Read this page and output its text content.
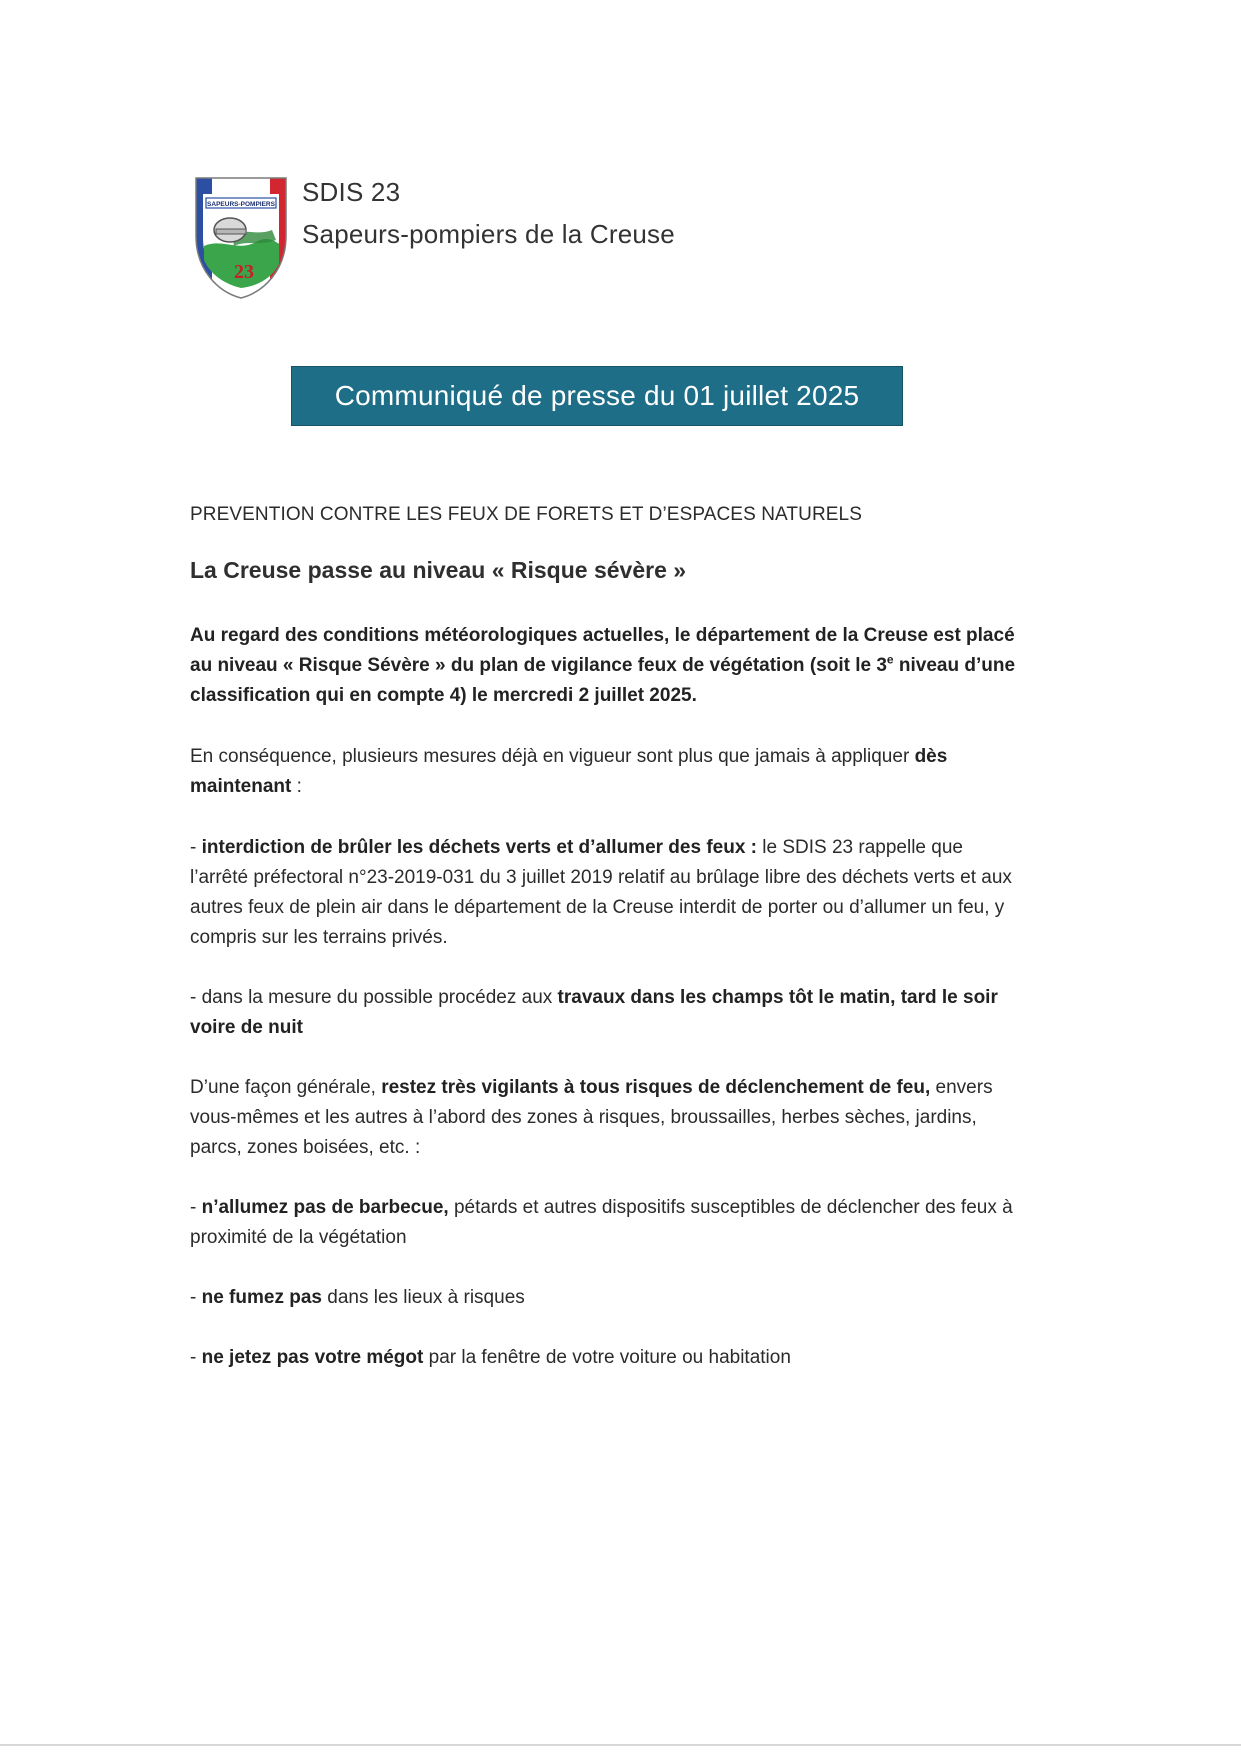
SAPEURS-POMPIERS
23
SDIS 23
Sapeurs-pompiers de la Creuse
Communiqué de presse du 01 juillet 2025

PREVENTION CONTRE LES FEUX DE FORETS ET D’ESPACES NATURELS

La Creuse passe au niveau « Risque sévère »

Au regard des conditions météorologiques actuelles, le département de la Creuse est placé au niveau « Risque Sévère » du plan de vigilance feux de végétation (soit le 3e niveau d’une classification qui en compte 4) le mercredi 2 juillet 2025.

En conséquence, plusieurs mesures déjà en vigueur sont plus que jamais à appliquer dès maintenant :

- interdiction de brûler les déchets verts et d’allumer des feux : le SDIS 23 rappelle que l’arrêté préfectoral n°23-2019-031 du 3 juillet 2019 relatif au brûlage libre des déchets verts et aux autres feux de plein air dans le département de la Creuse interdit de porter ou d’allumer un feu, y compris sur les terrains privés.

- dans la mesure du possible procédez aux travaux dans les champs tôt le matin, tard le soir voire de nuit

D’une façon générale, restez très vigilants à tous risques de déclenchement de feu, envers vous-mêmes et les autres à l’abord des zones à risques, broussailles, herbes sèches, jardins, parcs, zones boisées, etc. :

- n’allumez pas de barbecue, pétards et autres dispositifs susceptibles de déclencher des feux à proximité de la végétation

- ne fumez pas dans les lieux à risques

- ne jetez pas votre mégot par la fenêtre de votre voiture ou habitation
